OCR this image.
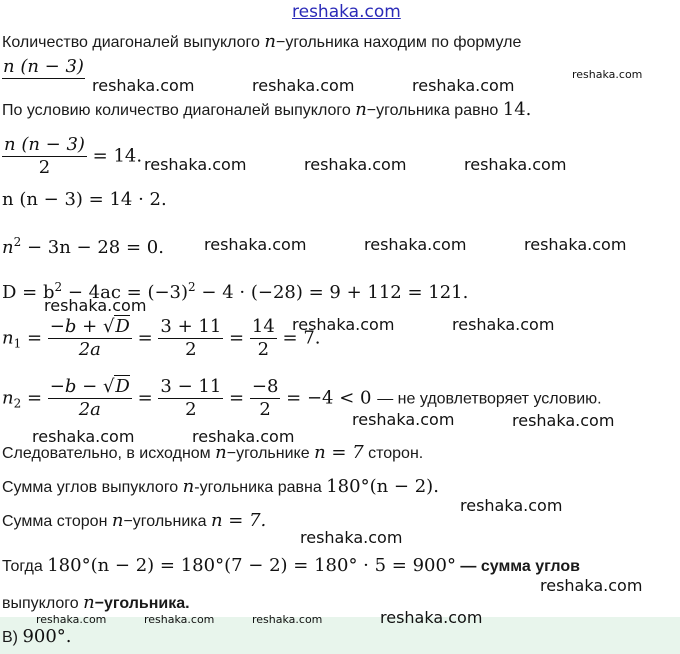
reshaka.com
Количество диагоналей выпуклого n−угольника находим по формуле
n (n − 3)
reshaka.com	reshaka.com	reshaka.com
reshaka.com
По условию количество диагоналей выпуклого n−угольника равно 14.
$\frac{n (n - 3)}{2} = 14$. reshaka.com	reshaka.com	reshaka.com
n (n − 3) = 14 · 2.
$n^2 - 3n - 28 = 0$.	reshaka.com	reshaka.com	reshaka.com
$D = b^2 - 4ac = (-3)^2 - 4 \cdot (-28) = 9 + 112 = 121$.
reshaka.com
$n_1 = \frac{-b + √D}{2a} = \frac{3 + 11}{2} = \frac{14}{2} = 7$.
reshaka.com	reshaka.com
$n_2 = \frac{-b - √D}{2a} = \frac{3 - 11}{2} = \frac{-8}{2} = -4 < 0$ — не удовлетворяет условию.
reshaka.com	reshaka.com
reshaka.com	reshaka.com
Следовательно, в исходном n−угольнике n = 7 сторон.
Сумма углов выпуклого n-угольника равна 180°(n − 2).
reshaka.com
Сумма сторон n−угольника n = 7.
reshaka.com
Тогда 180°(n − 2) = 180°(7 − 2) = 180° · 5 = 900° — сумма углов
reshaka.com
выпуклого n−угольника.
reshaka.com	reshaka.com	reshaka.com	reshaka.com
В) 900°.
